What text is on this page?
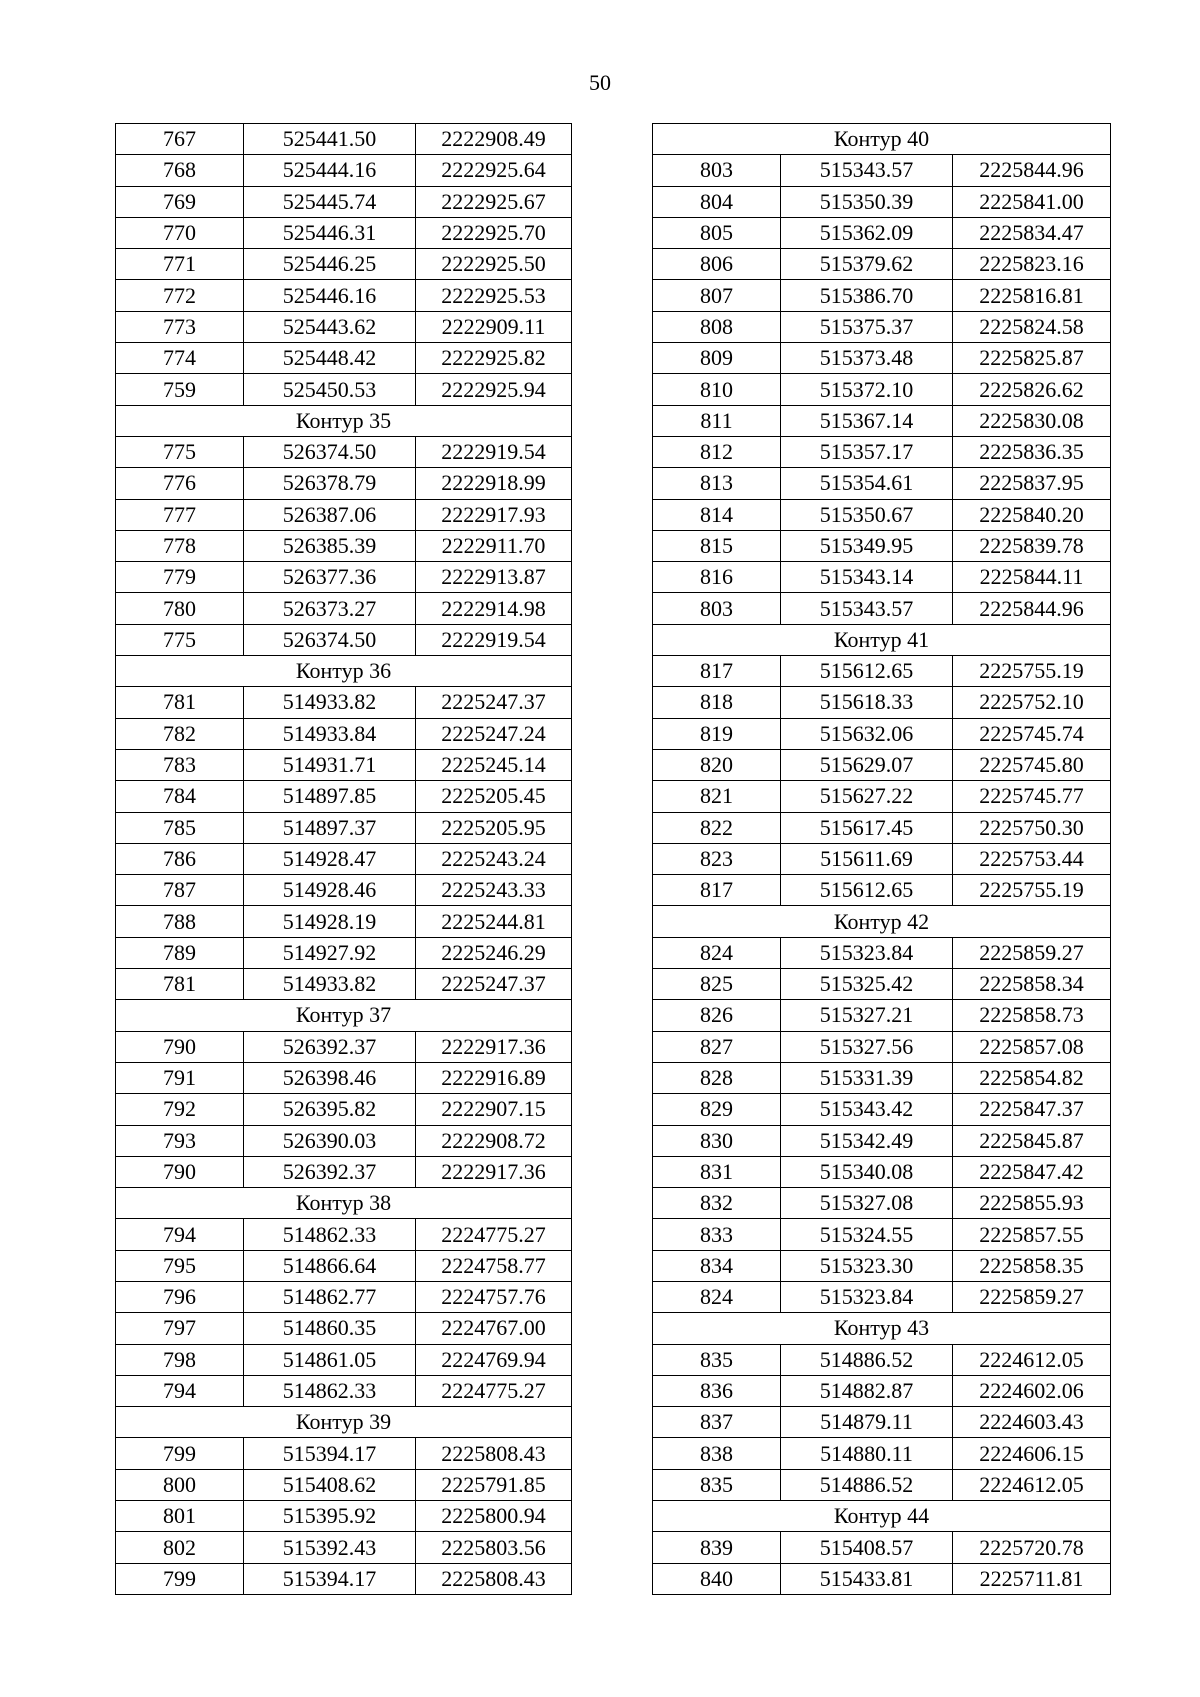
50
767	525441.50	2222908.49
768	525444.16	2222925.64
769	525445.74	2222925.67
770	525446.31	2222925.70
771	525446.25	2222925.50
772	525446.16	2222925.53
773	525443.62	2222909.11
774	525448.42	2222925.82
759	525450.53	2222925.94
Контур 35		
775	526374.50	2222919.54
776	526378.79	2222918.99
777	526387.06	2222917.93
778	526385.39	2222911.70
779	526377.36	2222913.87
780	526373.27	2222914.98
775	526374.50	2222919.54
Контур 36		
781	514933.82	2225247.37
782	514933.84	2225247.24
783	514931.71	2225245.14
784	514897.85	2225205.45
785	514897.37	2225205.95
786	514928.47	2225243.24
787	514928.46	2225243.33
788	514928.19	2225244.81
789	514927.92	2225246.29
781	514933.82	2225247.37
Контур 37		
790	526392.37	2222917.36
791	526398.46	2222916.89
792	526395.82	2222907.15
793	526390.03	2222908.72
790	526392.37	2222917.36
Контур 38		
794	514862.33	2224775.27
795	514866.64	2224758.77
796	514862.77	2224757.76
797	514860.35	2224767.00
798	514861.05	2224769.94
794	514862.33	2224775.27
Контур 39		
799	515394.17	2225808.43
800	515408.62	2225791.85
801	515395.92	2225800.94
802	515392.43	2225803.56
799	515394.17	2225808.43
Контур 40		
803	515343.57	2225844.96
804	515350.39	2225841.00
805	515362.09	2225834.47
806	515379.62	2225823.16
807	515386.70	2225816.81
808	515375.37	2225824.58
809	515373.48	2225825.87
810	515372.10	2225826.62
811	515367.14	2225830.08
812	515357.17	2225836.35
813	515354.61	2225837.95
814	515350.67	2225840.20
815	515349.95	2225839.78
816	515343.14	2225844.11
803	515343.57	2225844.96
Контур 41		
817	515612.65	2225755.19
818	515618.33	2225752.10
819	515632.06	2225745.74
820	515629.07	2225745.80
821	515627.22	2225745.77
822	515617.45	2225750.30
823	515611.69	2225753.44
817	515612.65	2225755.19
Контур 42		
824	515323.84	2225859.27
825	515325.42	2225858.34
826	515327.21	2225858.73
827	515327.56	2225857.08
828	515331.39	2225854.82
829	515343.42	2225847.37
830	515342.49	2225845.87
831	515340.08	2225847.42
832	515327.08	2225855.93
833	515324.55	2225857.55
834	515323.30	2225858.35
824	515323.84	2225859.27
Контур 43		
835	514886.52	2224612.05
836	514882.87	2224602.06
837	514879.11	2224603.43
838	514880.11	2224606.15
835	514886.52	2224612.05
Контур 44		
839	515408.57	2225720.78
840	515433.81	2225711.81
